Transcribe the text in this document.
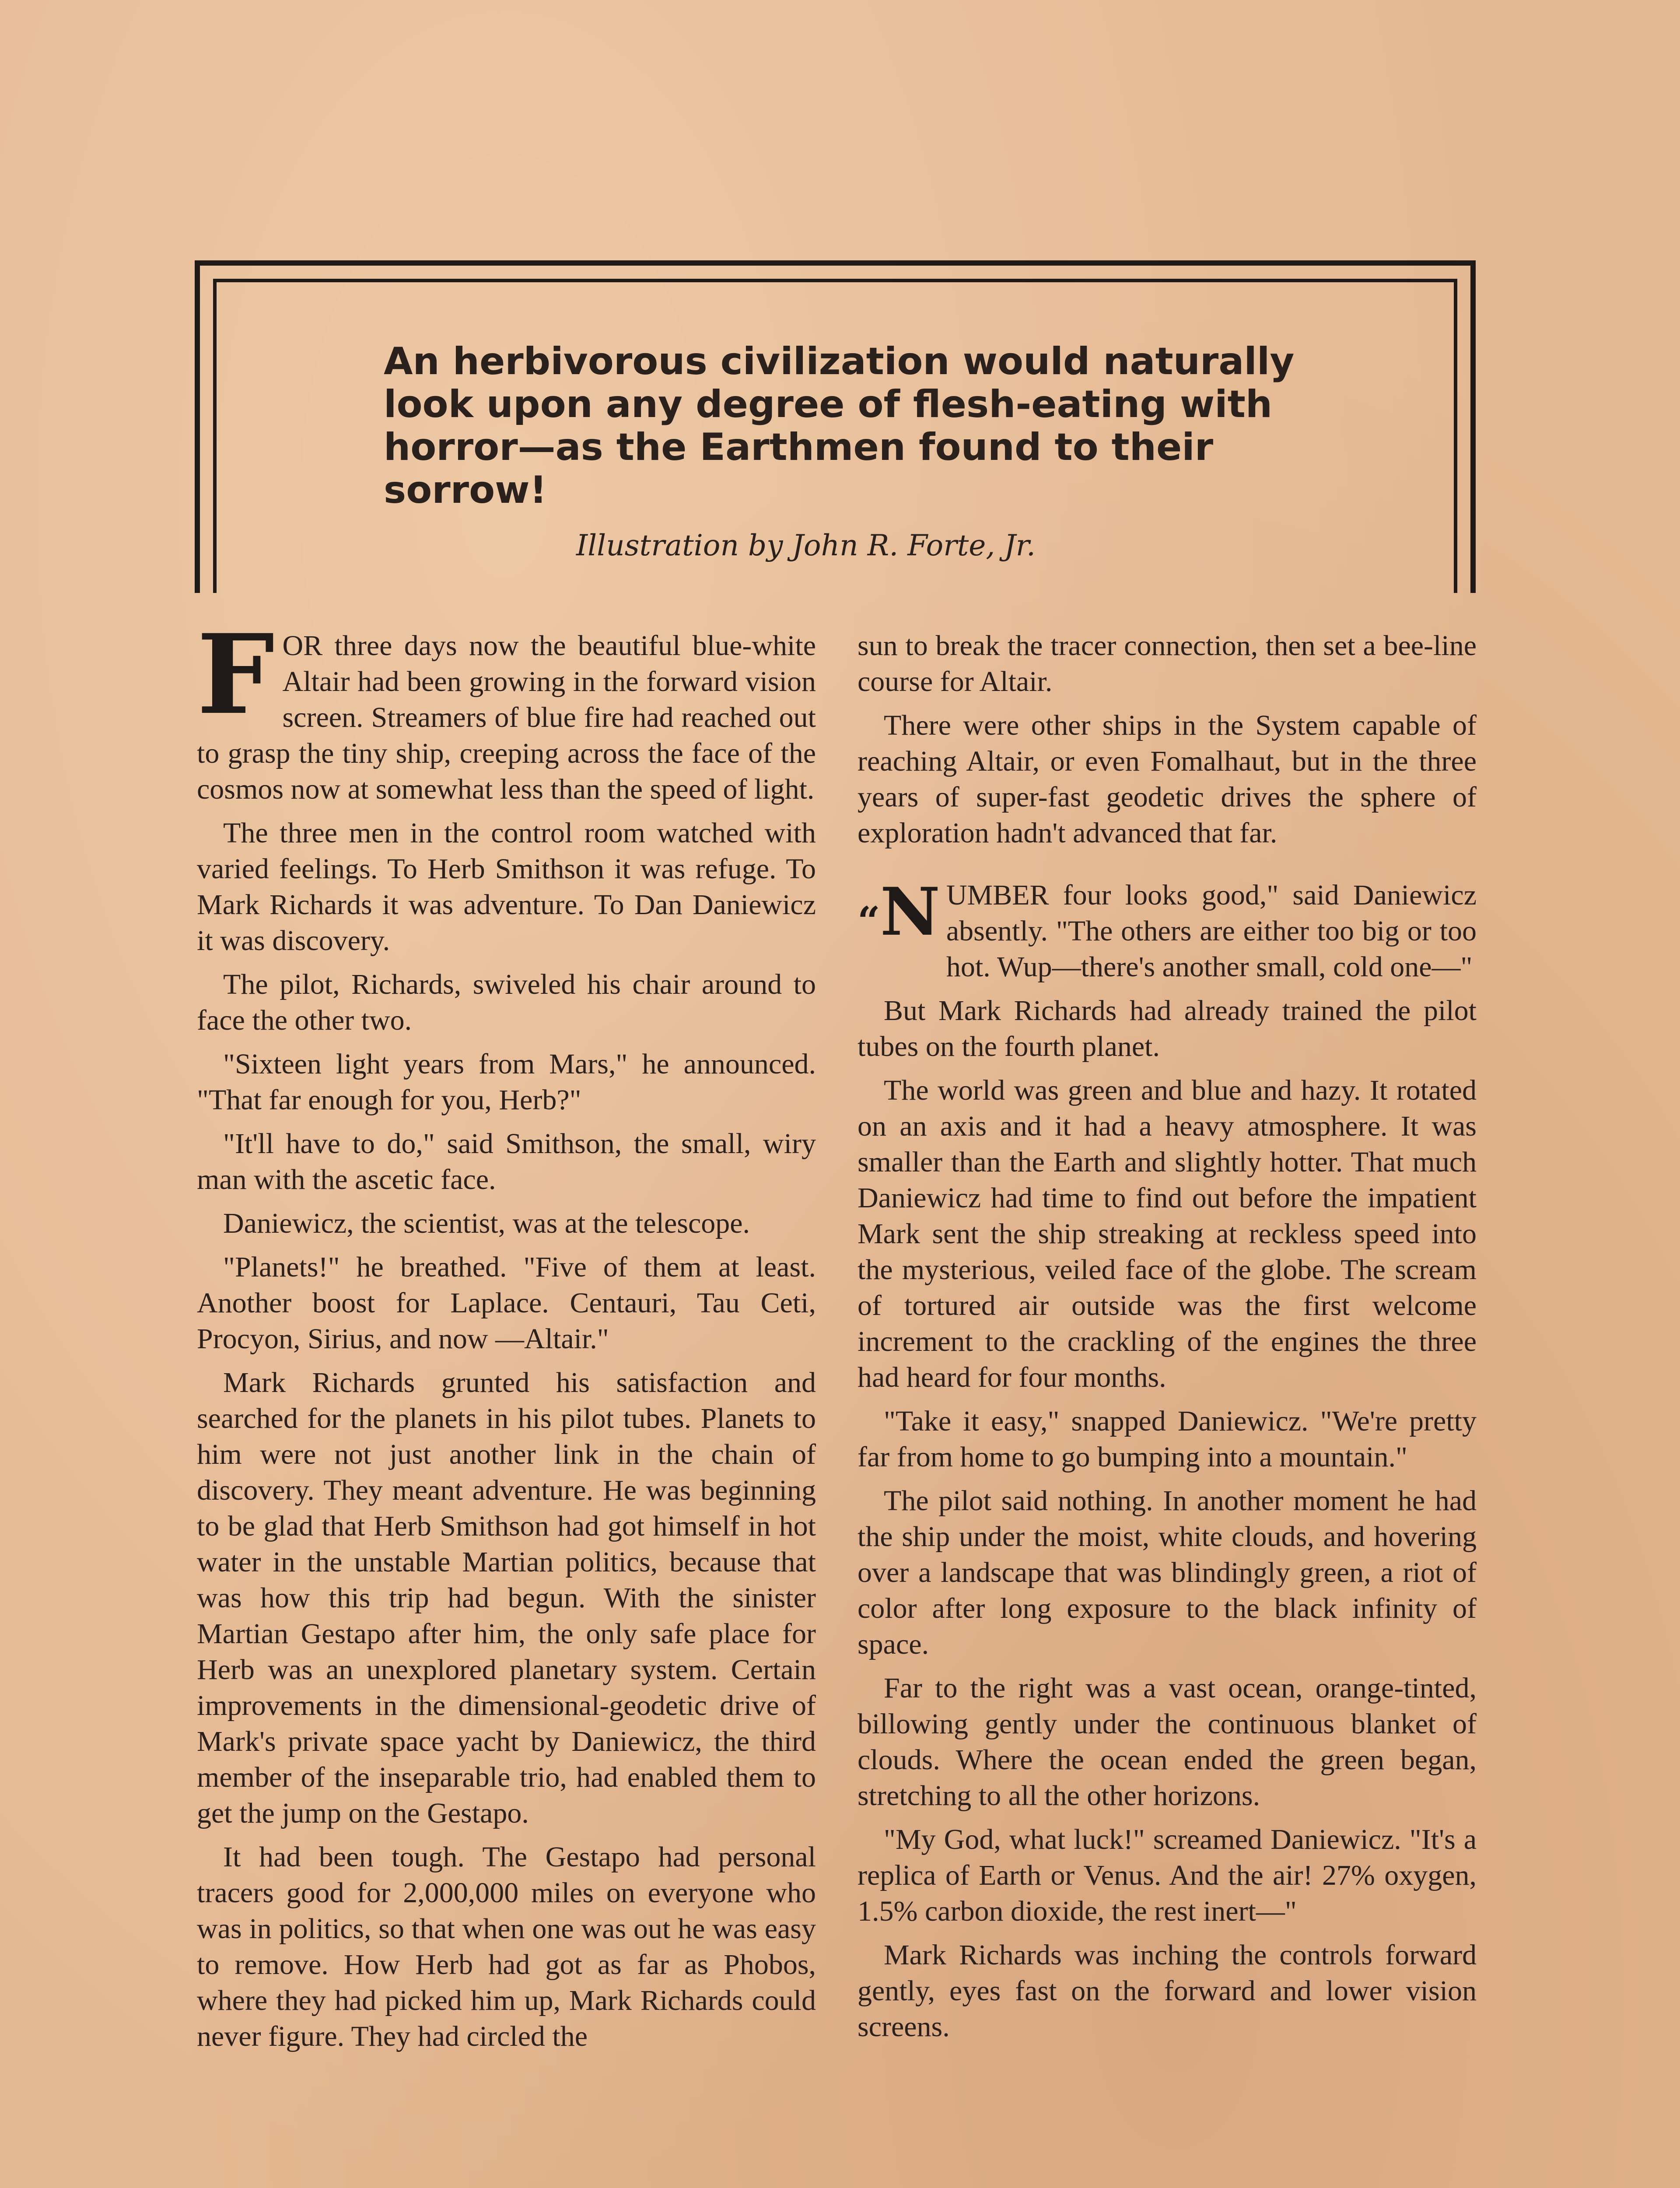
An herbivorous civilization would naturally look upon any degree of flesh-eating with horror—as the Earthmen found to their sorrow!
Illustration by John R. Forte, Jr.

FOR three days now the beautiful blue-white Altair had been growing in the forward vision screen. Streamers of blue fire had reached out to grasp the tiny ship, creeping across the face of the cosmos now at somewhat less than the speed of light.

The three men in the control room watched with varied feelings. To Herb Smithson it was refuge. To Mark Richards it was adventure. To Dan Daniewicz it was discovery.

The pilot, Richards, swiveled his chair around to face the other two.

"Sixteen light years from Mars," he announced. "That far enough for you, Herb?"

"It'll have to do," said Smithson, the small, wiry man with the ascetic face.

Daniewicz, the scientist, was at the telescope.

"Planets!" he breathed. "Five of them at least. Another boost for Laplace. Centauri, Tau Ceti, Procyon, Sirius, and now —Altair."

Mark Richards grunted his satisfaction and searched for the planets in his pilot tubes. Planets to him were not just another link in the chain of discovery. They meant adventure. He was beginning to be glad that Herb Smithson had got himself in hot water in the unstable Martian politics, because that was how this trip had begun. With the sinister Martian Gestapo after him, the only safe place for Herb was an unexplored planetary system. Certain improvements in the dimensional-geodetic drive of Mark's private space yacht by Daniewicz, the third member of the inseparable trio, had enabled them to get the jump on the Gestapo.

It had been tough. The Gestapo had personal tracers good for 2,000,000 miles on everyone who was in politics, so that when one was out he was easy to remove. How Herb had got as far as Phobos, where they had picked him up, Mark Richards could never figure. They had circled the

sun to break the tracer connection, then set a bee-line course for Altair.

There were other ships in the System capable of reaching Altair, or even Fomalhaut, but in the three years of super-fast geodetic drives the sphere of exploration hadn't advanced that far.

“N UMBER four looks good," said Daniewicz absently. "The others are either too big or too hot. Wup—there's another small, cold one—"

But Mark Richards had already trained the pilot tubes on the fourth planet.

The world was green and blue and hazy. It rotated on an axis and it had a heavy atmosphere. It was smaller than the Earth and slightly hotter. That much Daniewicz had time to find out before the impatient Mark sent the ship streaking at reckless speed into the mysterious, veiled face of the globe. The scream of tortured air outside was the first welcome increment to the crackling of the engines the three had heard for four months.

"Take it easy," snapped Daniewicz. "We're pretty far from home to go bumping into a mountain."

The pilot said nothing. In another moment he had the ship under the moist, white clouds, and hovering over a landscape that was blindingly green, a riot of color after long exposure to the black infinity of space.

Far to the right was a vast ocean, orange-tinted, billowing gently under the continuous blanket of clouds. Where the ocean ended the green began, stretching to all the other horizons.

"My God, what luck!" screamed Daniewicz. "It's a replica of Earth or Venus. And the air! 27% oxygen, 1.5% carbon dioxide, the rest inert—"

Mark Richards was inching the controls forward gently, eyes fast on the forward and lower vision screens.
